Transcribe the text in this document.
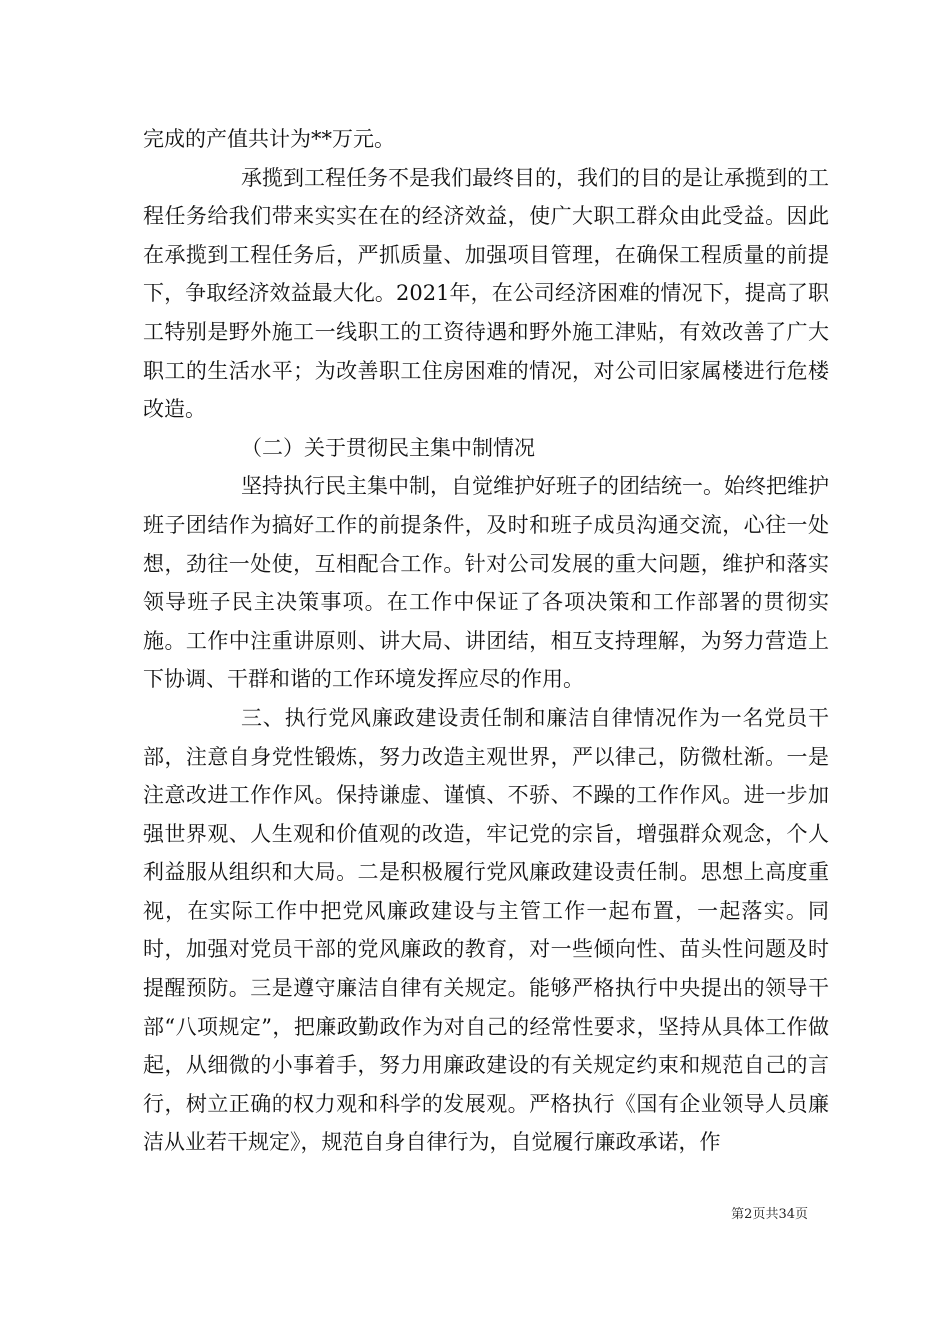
完成的产值共计为**万元。

承揽到工程任务不是我们最终目的，我们的目的是让承揽到的工程任务给我们带来实实在在的经济效益，使广大职工群众由此受益。因此在承揽到工程任务后，严抓质量、加强项目管理，在确保工程质量的前提下，争取经济效益最大化。2021年，在公司经济困难的情况下，提高了职工特别是野外施工一线职工的工资待遇和野外施工津贴，有效改善了广大职工的生活水平；为改善职工住房困难的情况，对公司旧家属楼进行危楼改造。

（二）关于贯彻民主集中制情况

坚持执行民主集中制，自觉维护好班子的团结统一。始终把维护班子团结作为搞好工作的前提条件，及时和班子成员沟通交流，心往一处想，劲往一处使，互相配合工作。针对公司发展的重大问题，维护和落实领导班子民主决策事项。在工作中保证了各项决策和工作部署的贯彻实施。工作中注重讲原则、讲大局、讲团结，相互支持理解，为努力营造上下协调、干群和谐的工作环境发挥应尽的作用。

三、执行党风廉政建设责任制和廉洁自律情况作为一名党员干部，注意自身党性锻炼，努力改造主观世界，严以律己，防微杜渐。一是注意改进工作作风。保持谦虚、谨慎、不骄、不躁的工作作风。进一步加强世界观、人生观和价值观的改造，牢记党的宗旨，增强群众观念，个人利益服从组织和大局。二是积极履行党风廉政建设责任制。思想上高度重视，在实际工作中把党风廉政建设与主管工作一起布置，一起落实。同时，加强对党员干部的党风廉政的教育，对一些倾向性、苗头性问题及时提醒预防。三是遵守廉洁自律有关规定。能够严格执行中央提出的领导干部“八项规定”，把廉政勤政作为对自己的经常性要求，坚持从具体工作做起，从细微的小事着手，努力用廉政建设的有关规定约束和规范自己的言行，树立正确的权力观和科学的发展观。严格执行《国有企业领导人员廉洁从业若干规定》，规范自身自律行为，自觉履行廉政承诺，作

第2页共34页
